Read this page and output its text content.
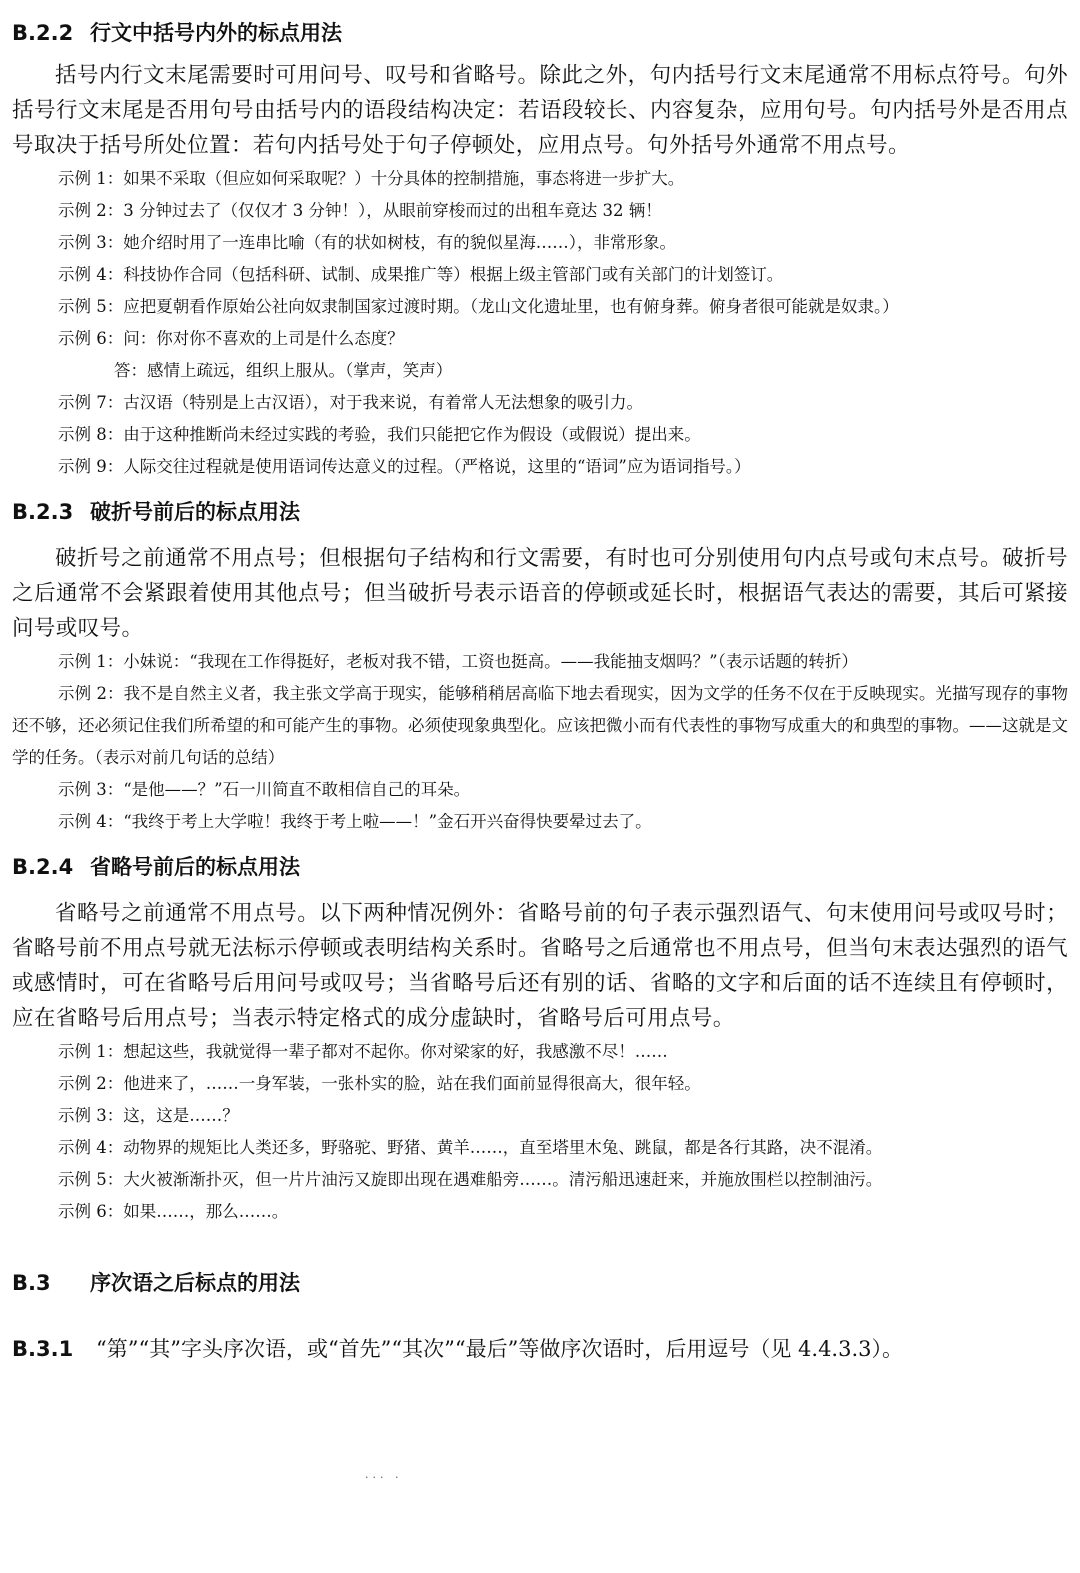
B.2.2 行文中括号内外的标点用法

括号内行文末尾需要时可用问号、叹号和省略号。除此之外，句内括号行文末尾通常不用标点符号。句外括号行文末尾是否用句号由括号内的语段结构决定：若语段较长、内容复杂，应用句号。句内括号外是否用点号取决于括号所处位置：若句内括号处于句子停顿处，应用点号。句外括号外通常不用点号。

示例 1：如果不采取（但应如何采取呢？）十分具体的控制措施，事态将进一步扩大。

示例 2：3 分钟过去了（仅仅才 3 分钟！），从眼前穿梭而过的出租车竟达 32 辆！

示例 3：她介绍时用了一连串比喻（有的状如树枝，有的貌似星海……），非常形象。

示例 4：科技协作合同（包括科研、试制、成果推广等）根据上级主管部门或有关部门的计划签订。

示例 5：应把夏朝看作原始公社向奴隶制国家过渡时期。（龙山文化遗址里，也有俯身葬。俯身者很可能就是奴隶。）

示例 6：问：你对你不喜欢的上司是什么态度？

答：感情上疏远，组织上服从。（掌声，笑声）

示例 7：古汉语（特别是上古汉语），对于我来说，有着常人无法想象的吸引力。

示例 8：由于这种推断尚未经过实践的考验，我们只能把它作为假设（或假说）提出来。

示例 9：人际交往过程就是使用语词传达意义的过程。（严格说，这里的“语词”应为语词指号。）

B.2.3 破折号前后的标点用法

破折号之前通常不用点号；但根据句子结构和行文需要，有时也可分别使用句内点号或句末点号。破折号之后通常不会紧跟着使用其他点号；但当破折号表示语音的停顿或延长时，根据语气表达的需要，其后可紧接问号或叹号。

示例 1：小妹说：“我现在工作得挺好，老板对我不错，工资也挺高。——我能抽支烟吗？”（表示话题的转折）

示例 2：我不是自然主义者，我主张文学高于现实，能够稍稍居高临下地去看现实，因为文学的任务不仅在于反映现实。光描写现存的事物还不够，还必须记住我们所希望的和可能产生的事物。必须使现象典型化。应该把微小而有代表性的事物写成重大的和典型的事物。——这就是文学的任务。（表示对前几句话的总结）

示例 3：“是他——？”石一川简直不敢相信自己的耳朵。

示例 4：“我终于考上大学啦！我终于考上啦——！”金石开兴奋得快要晕过去了。

B.2.4 省略号前后的标点用法

省略号之前通常不用点号。以下两种情况例外：省略号前的句子表示强烈语气、句末使用问号或叹号时；省略号前不用点号就无法标示停顿或表明结构关系时。省略号之后通常也不用点号，但当句末表达强烈的语气或感情时，可在省略号后用问号或叹号；当省略号后还有别的话、省略的文字和后面的话不连续且有停顿时，应在省略号后用点号；当表示特定格式的成分虚缺时，省略号后可用点号。

示例 1：想起这些，我就觉得一辈子都对不起你。你对梁家的好，我感激不尽！……

示例 2：他进来了，……一身军装，一张朴实的脸，站在我们面前显得很高大，很年轻。

示例 3：这，这是……？

示例 4：动物界的规矩比人类还多，野骆驼、野猪、黄羊……，直至塔里木兔、跳鼠，都是各行其路，决不混淆。

示例 5：大火被渐渐扑灭，但一片片油污又旋即出现在遇难船旁……。清污船迅速赶来，并施放围栏以控制油污。

示例 6：如果……，那么……。

B.3 序次语之后标点的用法
B.3.1 “第”“其”字头序次语，或“首先”“其次”“最后”等做序次语时，后用逗号（见 4.4.3.3）。
··· ·
